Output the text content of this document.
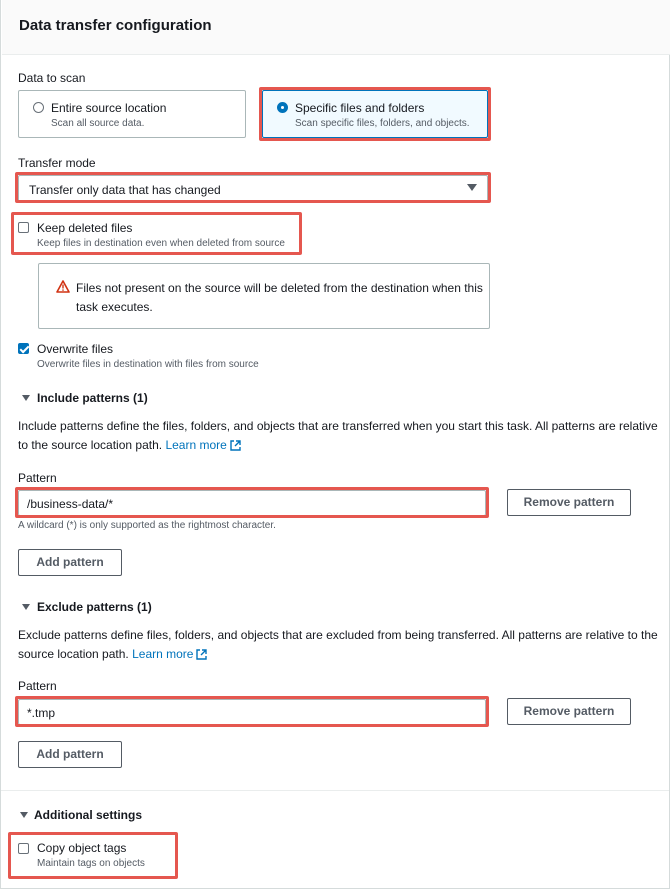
Data transfer configuration
Data to scan
Entire source location
Scan all source data.
Specific files and folders
Scan specific files, folders, and objects.
Transfer mode
Transfer only data that has changed
Keep deleted files
Keep files in destination even when deleted from source
Files not present on the source will be deleted from the destination when this task executes.
Overwrite files
Overwrite files in destination with files from source
Include patterns (1)
Include patterns define the files, folders, and objects that are transferred when you start this task. All patterns are relative to the source location path. Learn more
Pattern
/business-data/*	Remove pattern
A wildcard (*) is only supported as the rightmost character.
Add pattern
Exclude patterns (1)
Exclude patterns define files, folders, and objects that are excluded from being transferred. All patterns are relative to the source location path. Learn more
Pattern
*.tmp	Remove pattern
Add pattern
Additional settings
Copy object tags
Maintain tags on objects
